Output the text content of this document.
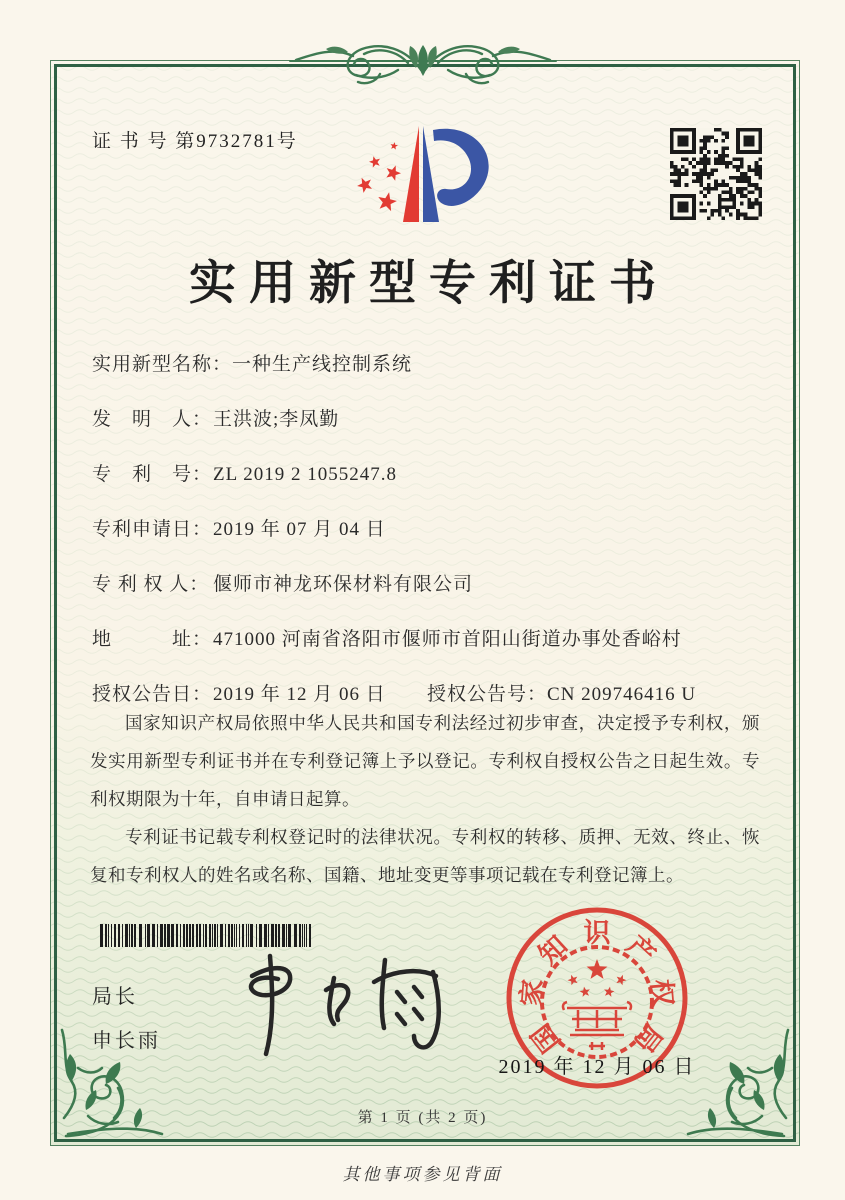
证 书 号 第9732781号
实用新型专利证书
实用新型名称：一种生产线控制系统
发　明　人：王洪波;李凤勤
专　利　号：ZL 2019 2 1055247.8
专利申请日：2019 年 07 月 04 日
专 利 权 人： 偃师市神龙环保材料有限公司
地　　　址：471000 河南省洛阳市偃师市首阳山街道办事处香峪村
授权公告日：2019 年 12 月 06 日 授权公告号：CN 209746416 U

国家知识产权局依照中华人民共和国专利法经过初步审查，决定授予专利权，颁发实用新型专利证书并在专利登记簿上予以登记。专利权自授权公告之日起生效。专利权期限为十年，自申请日起算。

专利证书记载专利权登记时的法律状况。专利权的转移、质押、无效、终止、恢复和专利权人的姓名或名称、国籍、地址变更等事项记载在专利登记簿上。

局长
申长雨	国
家
知 识 产
权
局
2019 年 12 月 06 日
第 1 页 (共 2 页)
其他事项参见背面
